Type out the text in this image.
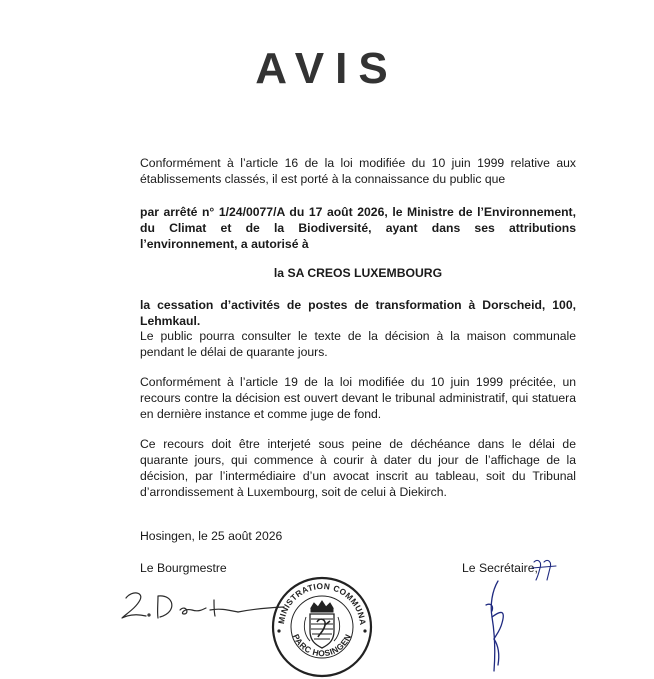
AVIS

Conformément à l’article 16 de la loi modifiée du 10 juin 1999 relative aux établissements classés, il est porté à la connaissance du public que

par arrêté n° 1/24/0077/A du 17 août 2026, le Ministre de l’Environnement, du Climat et de la Biodiversité, ayant dans ses attributions l’environnement, a autorisé à

la SA CREOS LUXEMBOURG

la cessation d’activités de postes de transformation à Dorscheid, 100, Lehmkaul.

Le public pourra consulter le texte de la décision à la maison communale pendant le délai de quarante jours.

Conformément à l’article 19 de la loi modifiée du 10 juin 1999 précitée, un recours contre la décision est ouvert devant le tribunal administratif, qui statuera en dernière instance et comme juge de fond.

Ce recours doit être interjeté sous peine de déchéance dans le délai de quarante jours, qui commence à courir à dater du jour de l’affichage de la décision, par l’intermédiaire d’un avocat inscrit au tableau, soit du Tribunal d’arrondissement à Luxembourg, soit de celui à Diekirch.

Hosingen, le 25 août 2026

Le Bourgmestre	Le Secrétaire,
ADMINISTRATION COMMUNALE
PARC HOSINGEN
